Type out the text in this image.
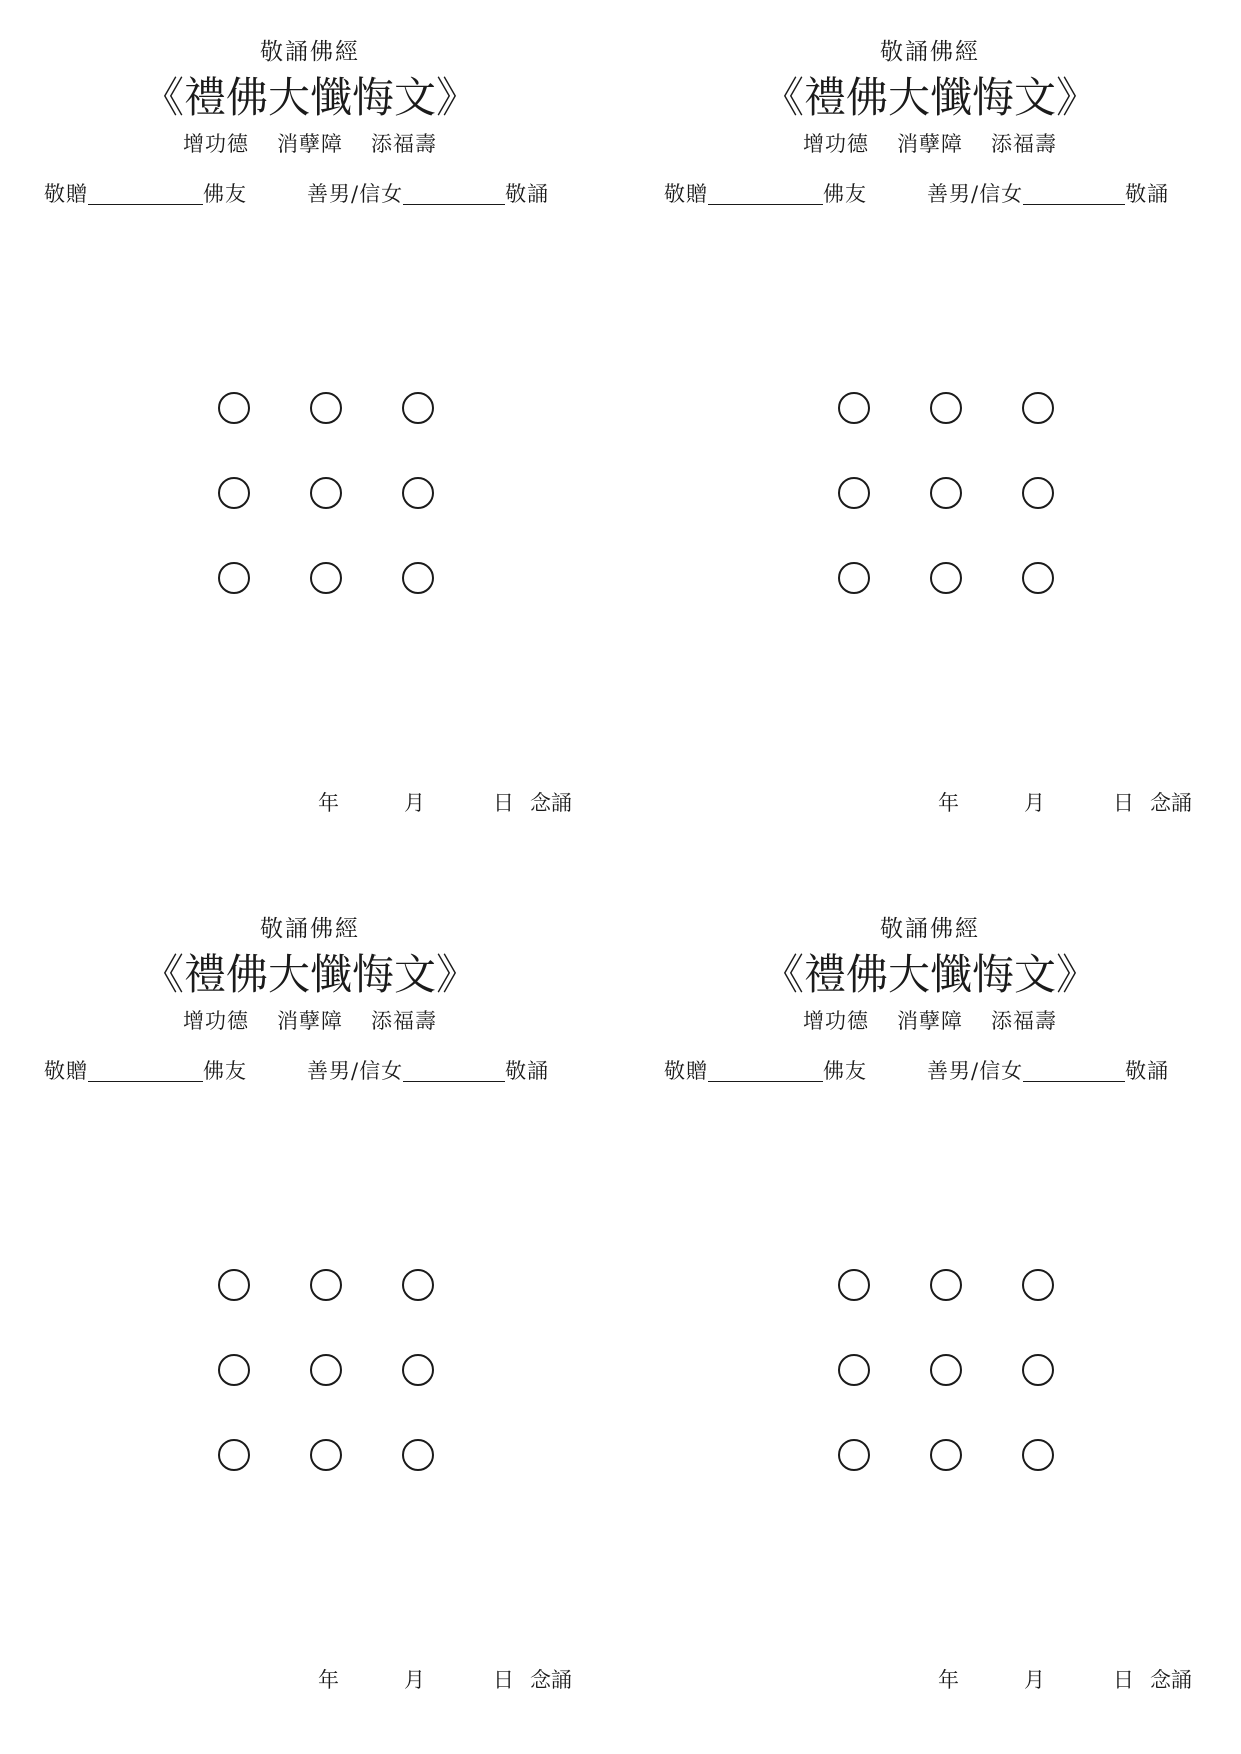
敬誦佛經
《禮佛大懺悔文》
增功德 消孽障 添福壽
敬贈	佛友	善男/信女	敬誦
年	月	日 念誦
敬誦佛經
《禮佛大懺悔文》
增功德 消孽障 添福壽
敬贈	佛友	善男/信女	敬誦
年	月	日 念誦
敬誦佛經
《禮佛大懺悔文》
增功德 消孽障 添福壽
敬贈	佛友	善男/信女	敬誦
年	月	日 念誦
敬誦佛經
《禮佛大懺悔文》
增功德 消孽障 添福壽
敬贈	佛友	善男/信女	敬誦
年	月	日 念誦
